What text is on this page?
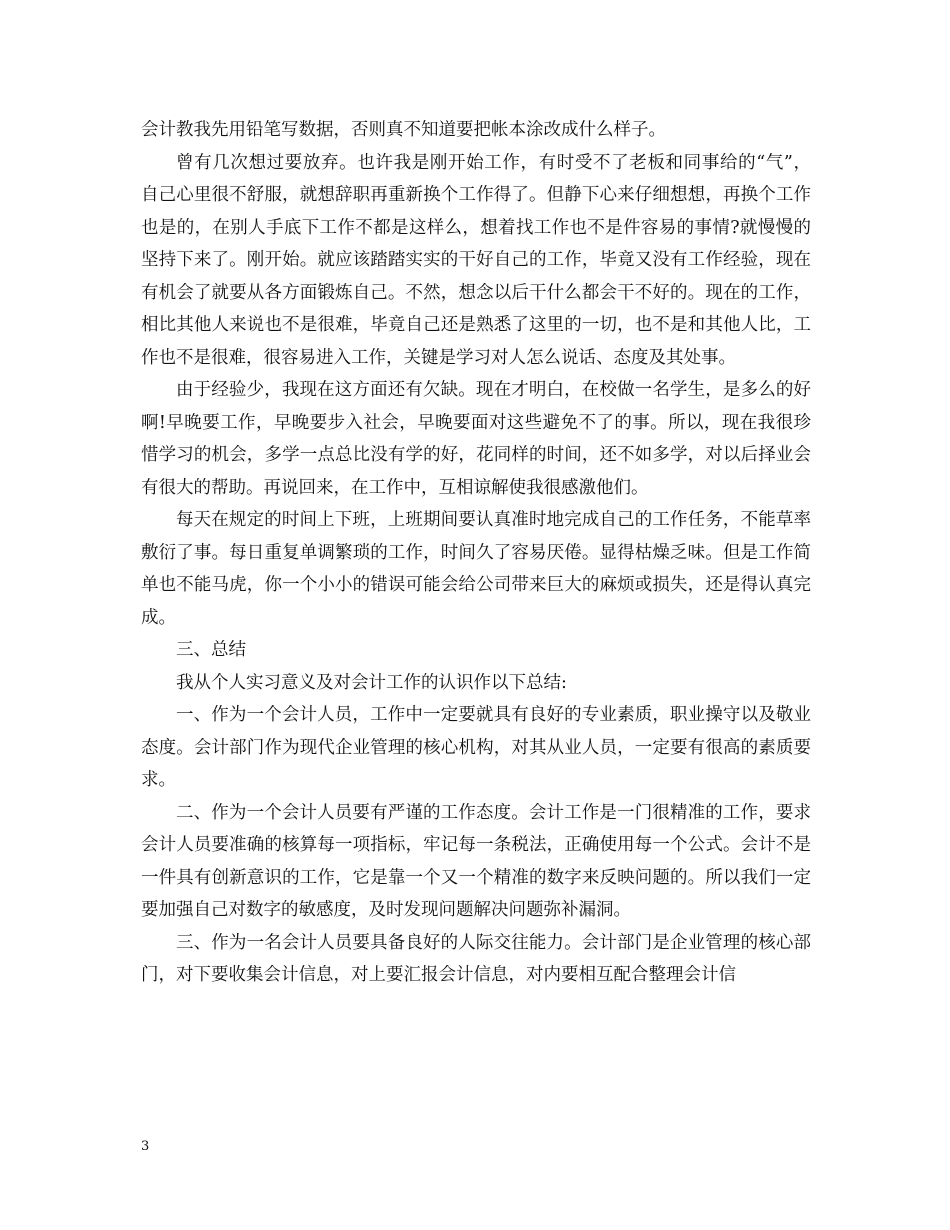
会计教我先用铅笔写数据，否则真不知道要把帐本涂改成什么样子。

曾有几次想过要放弃。也许我是刚开始工作，有时受不了老板和同事给的“气”， 自己心里很不舒服，就想辞职再重新换个工作得了。但静下心来仔细想想，再换个工作也是的，在别人手底下工作不都是这样么，想着找工作也不是件容易的事情?就慢慢的坚持下来了。刚开始。就应该踏踏实实的干好自己的工作，毕竟又没有工作经验，现在有机会了就要从各方面锻炼自己。不然，想念以后干什么都会干不好的。现在的工作，相比其他人来说也不是很难，毕竟自己还是熟悉了这里的一切，也不是和其他人比，工作也不是很难，很容易进入工作，关键是学习对人怎么说话、态度及其处事。

由于经验少，我现在这方面还有欠缺。现在才明白，在校做一名学生，是多么的好啊!早晚要工作，早晚要步入社会，早晚要面对这些避免不了的事。所以，现在我很珍惜学习的机会，多学一点总比没有学的好，花同样的时间，还不如多学，对以后择业会有很大的帮助。再说回来，在工作中，互相谅解使我很感激他们。

每天在规定的时间上下班，上班期间要认真准时地完成自己的工作任务，不能草率敷衍了事。每日重复单调繁琐的工作，时间久了容易厌倦。显得枯燥乏味。但是工作简单也不能马虎，你一个小小的错误可能会给公司带来巨大的麻烦或损失，还是得认真完成。

三、总结

我从个人实习意义及对会计工作的认识作以下总结:

一、作为一个会计人员，工作中一定要就具有良好的专业素质，职业操守以及敬业态度。会计部门作为现代企业管理的核心机构，对其从业人员，一定要有很高的素质要求。

二、作为一个会计人员要有严谨的工作态度。会计工作是一门很精准的工作，要求会计人员要准确的核算每一项指标，牢记每一条税法，正确使用每一个公式。会计不是一件具有创新意识的工作，它是靠一个又一个精准的数字来反映问题的。所以我们一定要加强自己对数字的敏感度，及时发现问题解决问题弥补漏洞。

三、作为一名会计人员要具备良好的人际交往能力。会计部门是企业管理的核心部门，对下要收集会计信息，对上要汇报会计信息，对内要相互配合整理会计信

3
